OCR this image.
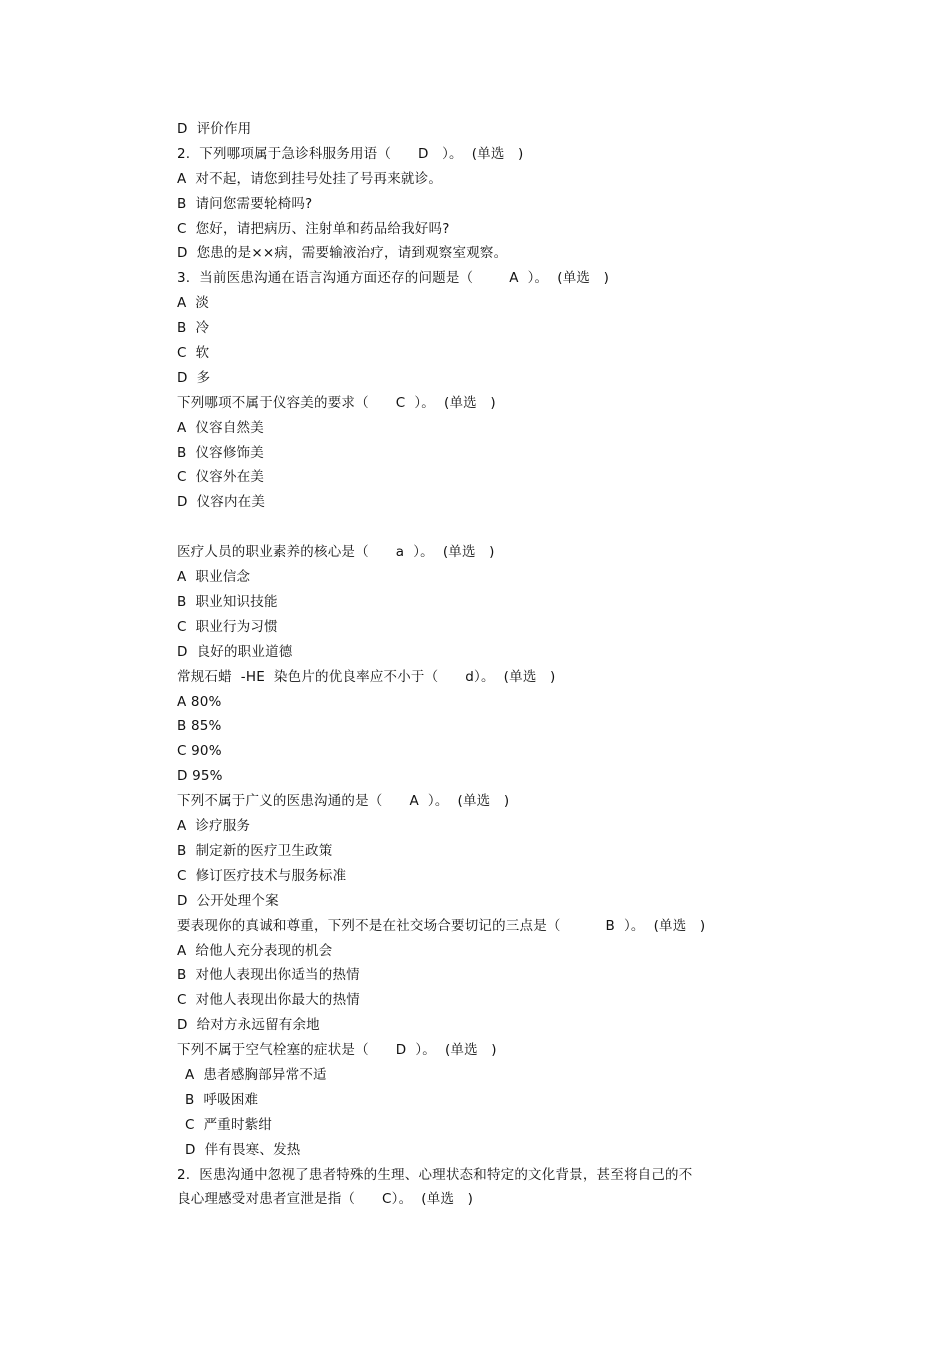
D  评价作用
2.  下列哪项属于急诊科服务用语（      D   ）。  (单选   )
A  对不起，请您到挂号处挂了号再来就诊。
B  请问您需要轮椅吗?
C  您好，请把病历、注射单和药品给我好吗?
D  您患的是××病，需要输液治疗，请到观察室观察。
3.  当前医患沟通在语言沟通方面还存的问题是（        A  ）。  (单选   )
A  淡
B  冷
C  软
D  多
下列哪项不属于仪容美的要求（      C  ）。  (单选   )
A  仪容自然美
B  仪容修饰美
C  仪容外在美
D  仪容内在美
医疗人员的职业素养的核心是（      a  ）。  (单选   )
A  职业信念
B  职业知识技能
C  职业行为习惯
D  良好的职业道德
常规石蜡  -HE  染色片的优良率应不小于（      d）。  (单选   )
A 80%
B 85%
C 90%
D 95%
下列不属于广义的医患沟通的是（      A  ）。  (单选   )
A  诊疗服务
B  制定新的医疗卫生政策
C  修订医疗技术与服务标准
D  公开处理个案
要表现你的真诚和尊重，下列不是在社交场合要切记的三点是（          B  ）。  (单选   )
A  给他人充分表现的机会
B  对他人表现出你适当的热情
C  对他人表现出你最大的热情
D  给对方永远留有余地
下列不属于空气栓塞的症状是（      D  ）。  (单选   )
A  患者感胸部异常不适
B  呼吸困难
C  严重时紫绀
D  伴有畏寒、发热
2.  医患沟通中忽视了患者特殊的生理、心理状态和特定的文化背景，甚至将自己的不
良心理感受对患者宣泄是指（      C）。  (单选   )
